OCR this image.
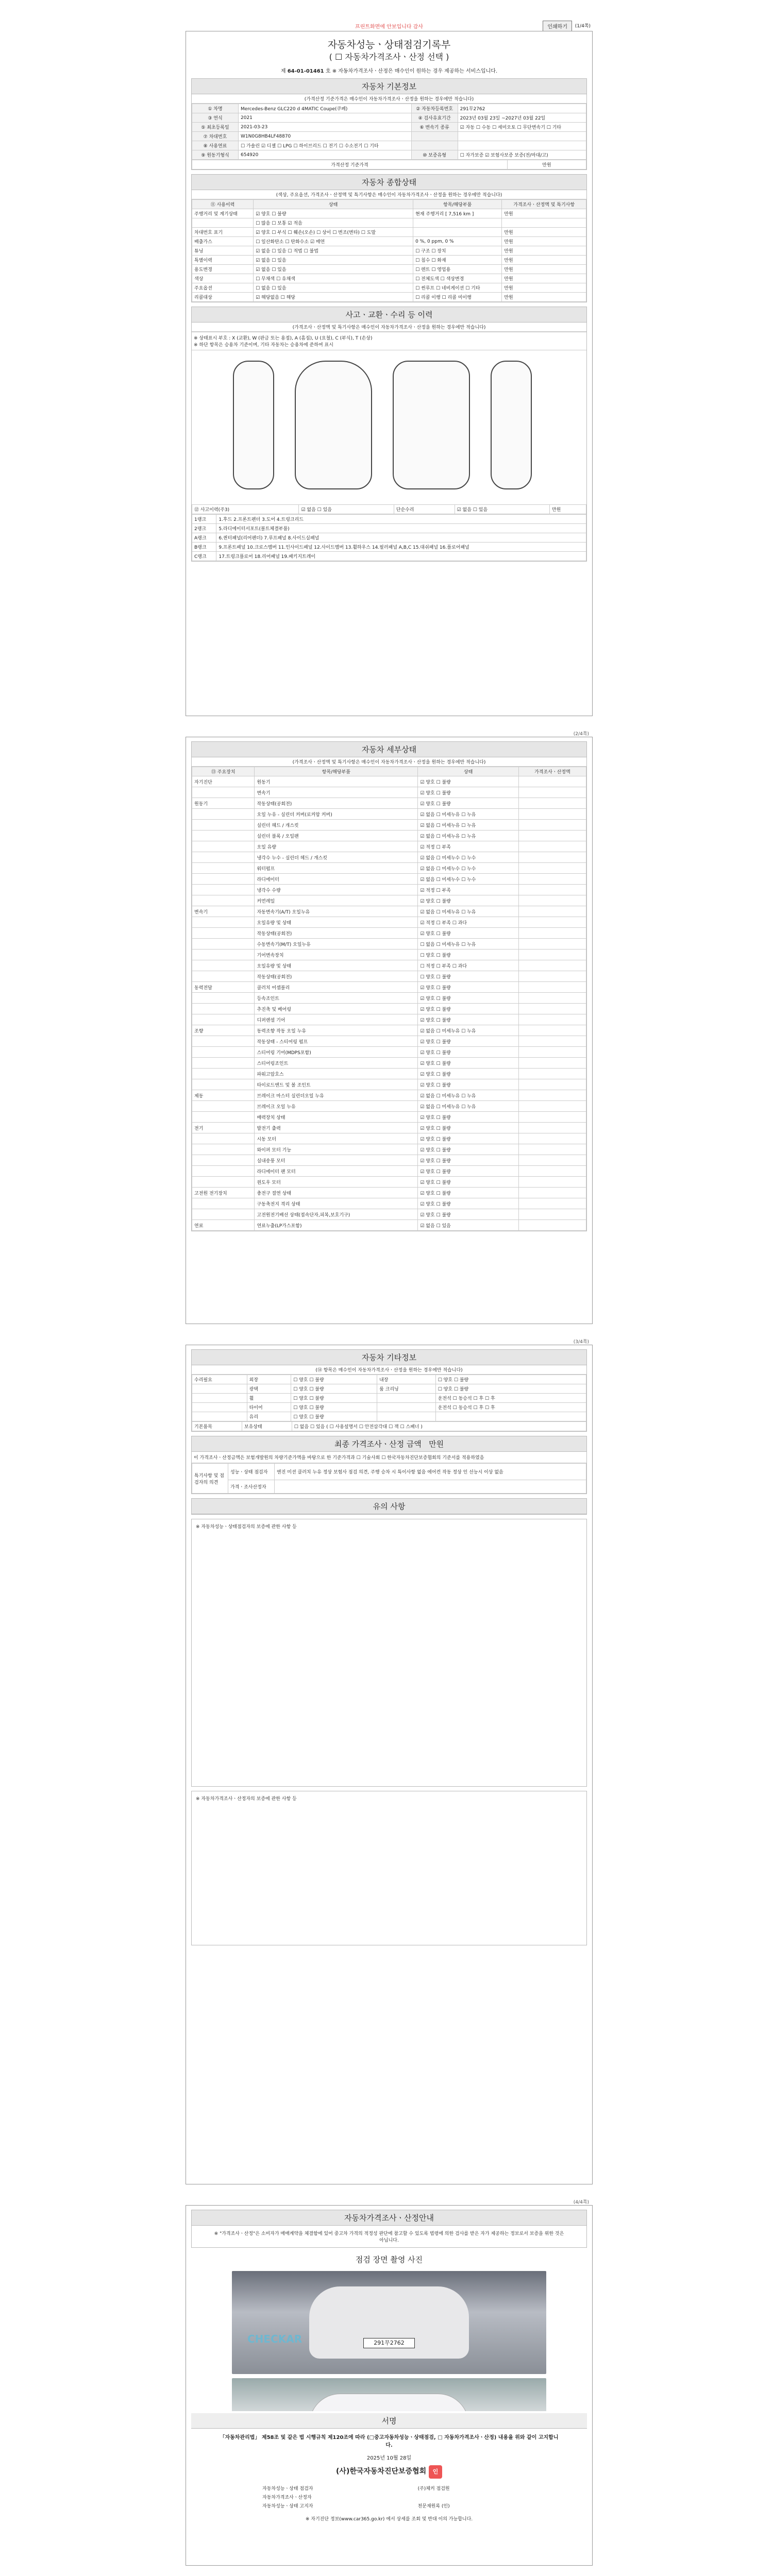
프린트화면에 안보입니다 감사	인쇄하기	(1/4쪽)
자동차성능ㆍ상태점검기록부
( ☐ 자동차가격조사ㆍ산정 선택 )
제 64-01-01461 호 ※ 자동차가격조사ㆍ산정은 매수인이 원하는 경우 제공하는 서비스입니다.
자동차 기본정보
(가격산정 기준가격은 매수인이 자동차가격조사ㆍ산정을 원하는 경우에만 적습니다)
① 차명	Mercedes-Benz GLC220 d 4MATIC Coupe(쿠페)	② 자동차등록번호	291무2762
③ 연식	2021	④ 검사유효기간	2023년 03월 23일 ~2027년 03월 22일
⑤ 최초등록일	2021-03-23	⑥ 변속기 종류	☑ 자동 ☐ 수동 ☐ 세미오토 ☐ 무단변속기 ☐ 기타
⑦ 차대번호	W1N0G8HB4LF48870		
⑧ 사용연료	☐ 가솔린 ☑ 디젤 ☐ LPG ☐ 하이브리드 ☐ 전기 ☐ 수소전기 ☐ 기타		
⑨ 원동기형식	654920	⑩ 보증유형	☐ 자가보증 ☑ 보험사보증 보증(전/마대/고)
가격산정 기준가격	만원
자동차 종합상태
(색상, 주요옵션, 가격조사ㆍ산정액 및 특기사항은 매수인이 자동차가격조사ㆍ산정을 원하는 경우에만 적습니다)
⑪ 사용이력	상태	항목/해당부품	가격조사ㆍ산정액 및 특기사항
주행거리 및 계기상태	☑ 양호 ☐ 불량	현재 주행거리 [ 7,516 km ]	만원
	☐ 많음 ☐ 보통 ☑ 적음		
차대번호 표기	☑ 양호 ☐ 부식 ☐ 훼손(오손) ☐ 상이 ☐ 변조(변타) ☐ 도말		만원
배출가스	☐ 일산화탄소 ☐ 탄화수소 ☑ 매연	0 %, 0 ppm, 0 %	만원
튜닝	☑ 없음 ☐ 있음 ☐ 적법 ☐ 불법	☐ 구조 ☐ 장치	만원
특별이력	☑ 없음 ☐ 있음	☐ 침수 ☐ 화재	만원
용도변경	☑ 없음 ☐ 있음	☐ 렌트 ☐ 영업용	만원
색상	☐ 무채색 ☐ 유채색	☐ 전체도색 ☐ 색상변경	만원
주요옵션	☐ 없음 ☐ 있음	☐ 썬루프 ☐ 네비게이션 ☐ 기타	만원
리콜대상	☑ 해당없음 ☐ 해당	☐ 리콜 이행 ☐ 리콜 미이행	만원
사고ㆍ교환ㆍ수리 등 이력
(가격조사ㆍ산정액 및 특기사항은 매수인이 자동차가격조사ㆍ산정을 원하는 경우에만 적습니다)
※ 상태표시 부호 : X (교환), W (판금 또는 용접), A (흠집), U (요철), C (부식), T (손상)
※ 하단 항목은 승용차 기준이며, 기타 자동차는 승용차에 준하여 표시
⑫ 사고이력(주3)	☑ 없음 ☐ 있음	단순수리	☑ 없음 ☐ 있음	만원
1랭크	1.후드 2.프론트펜더 3.도어 4.트렁크리드
2랭크	5.라디에이터서포트(볼트체결부품)
A랭크	6.퀸터패널(리어펜더) 7.루프패널 8.사이드실패널
B랭크	9.프론트패널 10.크로스멤버 11.인사이드패널 12.사이드멤버 13.휠하우스 14.필러패널 A,B,C 15.대쉬패널 16.플로어패널
C랭크	17.트렁크플로어 18.리어패널 19.패키지트레이
(2/4쪽)
자동차 세부상태
(가격조사ㆍ산정액 및 특기사항은 매수인이 자동차가격조사ㆍ산정을 원하는 경우에만 적습니다)
⑬ 주요장치	항목/해당부품	상태	가격조사ㆍ산정액
자기진단	원동기	☑ 양호 ☐ 불량	
	변속기	☑ 양호 ☐ 불량	
원동기	작동상태(공회전)	☑ 양호 ☐ 불량	
	오일 누유 - 실린더 커버(로커암 커버)	☑ 없음 ☐ 미세누유 ☐ 누유	
	실린더 헤드 / 개스킷	☑ 없음 ☐ 미세누유 ☐ 누유	
	실린더 블록 / 오일팬	☑ 없음 ☐ 미세누유 ☐ 누유	
	오일 유량	☑ 적정 ☐ 부족	
	냉각수 누수 - 실린더 헤드 / 개스킷	☑ 없음 ☐ 미세누수 ☐ 누수	
	워터펌프	☑ 없음 ☐ 미세누수 ☐ 누수	
	라디에이터	☑ 없음 ☐ 미세누수 ☐ 누수	
	냉각수 수량	☑ 적정 ☐ 부족	
	커먼레일	☑ 양호 ☐ 불량	
변속기	자동변속기(A/T) 오일누유	☑ 없음 ☐ 미세누유 ☐ 누유	
	오일유량 및 상태	☑ 적정 ☐ 부족 ☐ 과다	
	작동상태(공회전)	☑ 양호 ☐ 불량	
	수동변속기(M/T) 오일누유	☐ 없음 ☐ 미세누유 ☐ 누유	
	기어변속장치	☐ 양호 ☐ 불량	
	오일유량 및 상태	☐ 적정 ☐ 부족 ☐ 과다	
	작동상태(공회전)	☐ 양호 ☐ 불량	
동력전달	클러치 어셈블리	☑ 양호 ☐ 불량	
	등속조인트	☑ 양호 ☐ 불량	
	추진축 및 베어링	☑ 양호 ☐ 불량	
	디퍼렌셜 기어	☑ 양호 ☐ 불량	
조향	동력조향 작동 오일 누유	☑ 없음 ☐ 미세누유 ☐ 누유	
	작동상태 - 스티어링 펌프	☑ 양호 ☐ 불량	
	스티어링 기어(MDPS포함)	☑ 양호 ☐ 불량	
	스티어링조인트	☑ 양호 ☐ 불량	
	파워고압호스	☑ 양호 ☐ 불량	
	타이로드엔드 및 볼 조인트	☑ 양호 ☐ 불량	
제동	브레이크 마스터 실린더오일 누유	☑ 없음 ☐ 미세누유 ☐ 누유	
	브레이크 오일 누유	☑ 없음 ☐ 미세누유 ☐ 누유	
	배력장치 상태	☑ 양호 ☐ 불량	
전기	발전기 출력	☑ 양호 ☐ 불량	
	시동 모터	☑ 양호 ☐ 불량	
	와이퍼 모터 기능	☑ 양호 ☐ 불량	
	실내송풍 모터	☑ 양호 ☐ 불량	
	라디에이터 팬 모터	☑ 양호 ☐ 불량	
	윈도우 모터	☑ 양호 ☐ 불량	
고전원 전기장치	충전구 절연 상태	☑ 양호 ☐ 불량	
	구동축전지 격리 상태	☑ 양호 ☐ 불량	
	고전원전기배선 상태(접속단자,피복,보호기구)	☑ 양호 ☐ 불량	
연료	연료누출(LP가스포함)	☑ 없음 ☐ 있음	
(3/4쪽)
자동차 기타정보
(⑭ 항목은 매수인이 자동차가격조사ㆍ산정을 원하는 경우에만 적습니다)
수리필요	외장	☐ 양호 ☐ 불량	내장	☐ 양호 ☐ 불량
	광택	☐ 양호 ☐ 불량	룸 크리닝	☐ 양호 ☐ 불량
	휠	☐ 양호 ☐ 불량		운전석 ☐ 동승석 ☐ 후 ☐ 후
	타이어	☐ 양호 ☐ 불량		운전석 ☐ 동승석 ☐ 후 ☐ 후
	유리	☐ 양호 ☐ 불량		
기본품목	보유상태	☐ 없음 ☐ 있음 ( ☐ 사용설명서 ☐ 안전삼각대 ☐ 잭 ☐ 스패너 )
최종 가격조사ㆍ산정 금액 만원
이 가격조사ㆍ산정금액은 보험개발원의 차량기준가액을 바탕으로 한 기준가격과 ☐ 기술사회 ☐ 한국자동차진단보증협회의 기준서를 적용하였음
특기사항 및 점검자의 의견	성능ㆍ상태 점검자	엔진 미션 클러치 누유 정상 보험사 점검 의견, 주행 승차 시 특이사항 없음 에어컨 작동 정상 인 선능시 이상 없음
	가격ㆍ조사산정자	
유의 사항
※ 자동차성능ㆍ상태점검자의 보증에 관한 사항 등
※ 자동차가격조사ㆍ산정자의 보증에 관한 사항 등
(4/4쪽)
자동차가격조사ㆍ산정안내
※ "가격조사ㆍ산정"은 소비자가 매매계약을 체결함에 있어 중고차 가격의 적정성 판단에 참고할 수 있도록 법령에 의한 검사를 받은 자가 제공하는 정보로서 보증을 위한 것은 아닙니다.
점검 장면 촬영 사진
CHECKAR	291무2762
서명
「자동차관리법」 제58조 및 같은 법 시행규칙 제120조에 따라 (□중고자동차성능ㆍ상태점검, □ 자동차가격조사ㆍ산정) 내용을 위와 같이 고지합니다.
2025년 10월 28일
(사)한국자동차진단보증협회 인
자동차성능ㆍ상태 점검자	(주)체커 점검원
자동차가격조사ㆍ산정자	
자동차성능ㆍ상태 고지자	천문재원록 (인)
※ 자기진단 정보(www.car365.go.kr) 에서 상세를 조회 및 반대 이의 가능합니다.
